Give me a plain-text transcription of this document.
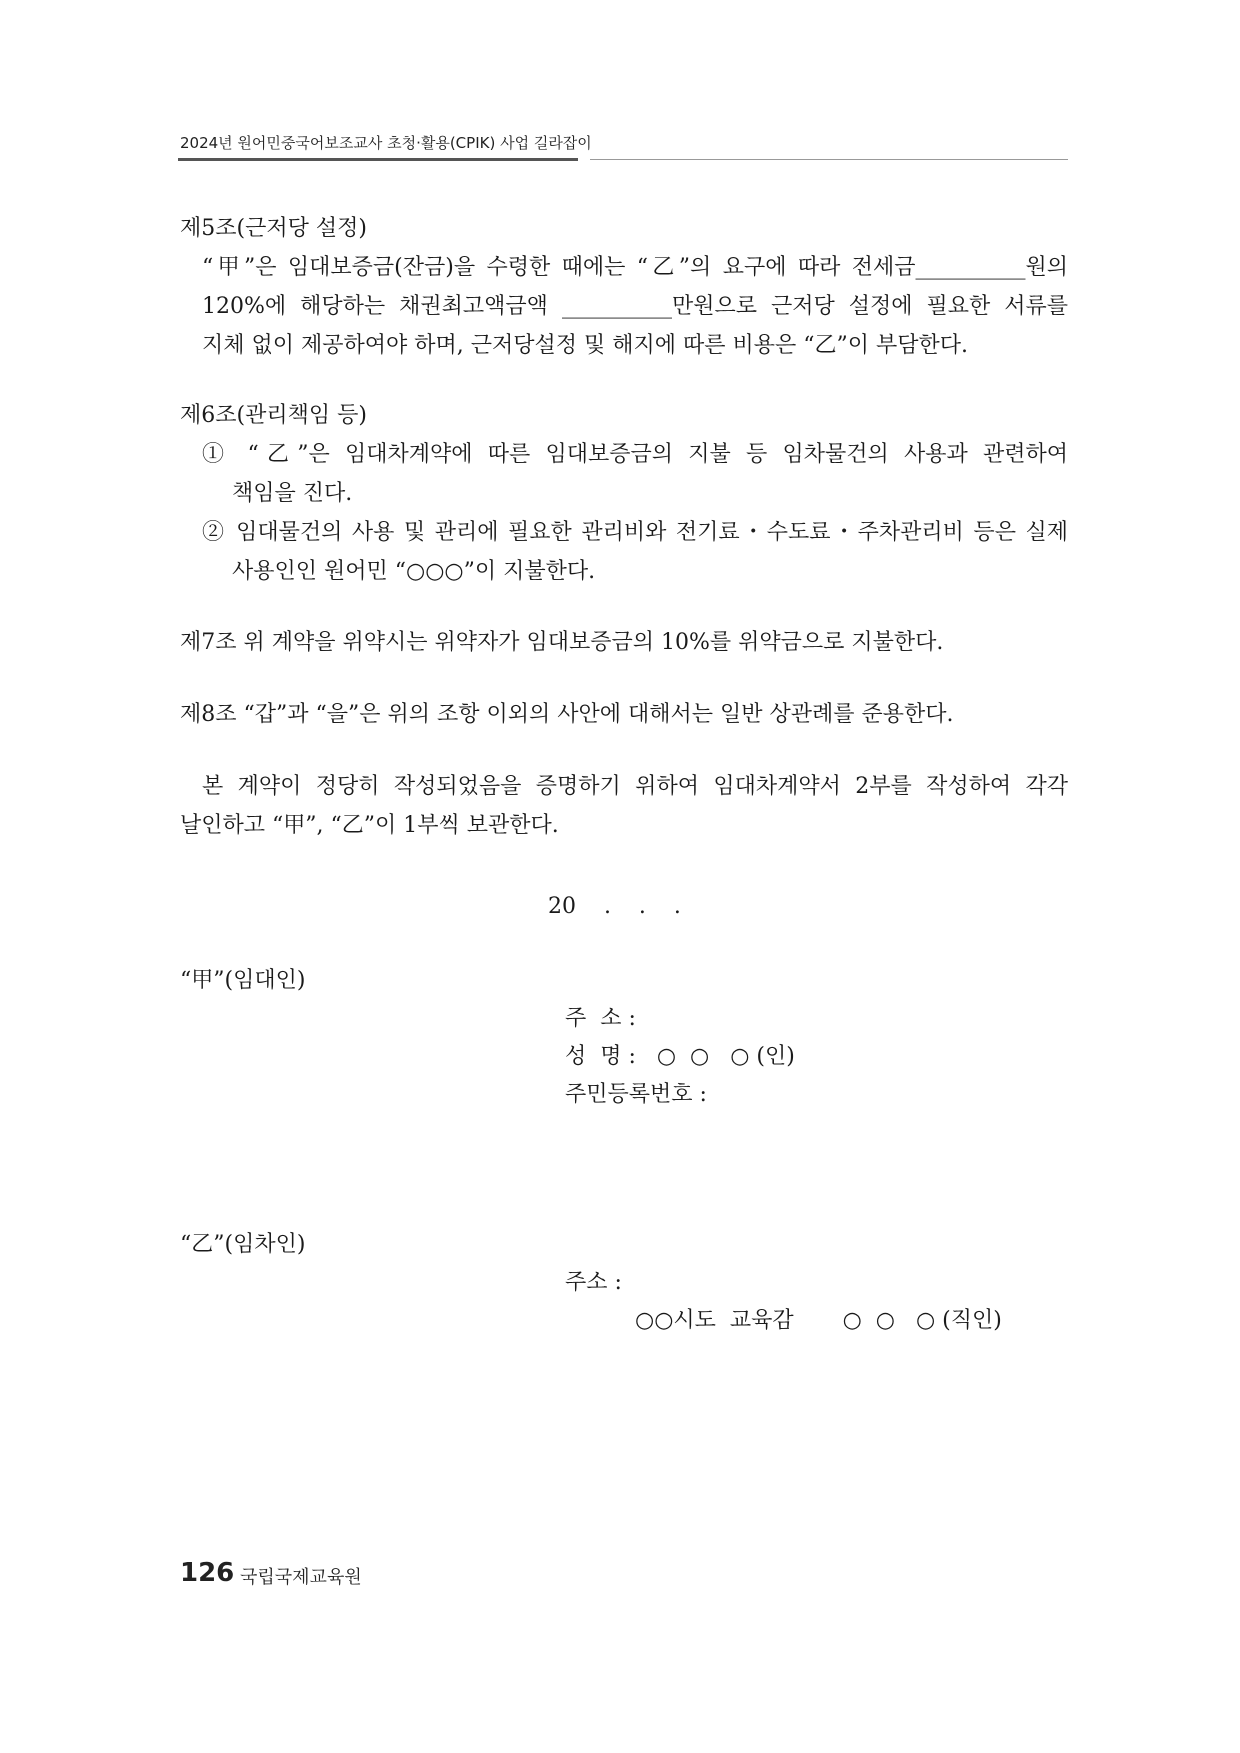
2024년 원어민중국어보조교사 초청·활용(CPIK) 사업 길라잡이
제5조(근저당 설정)
“甲”은 임대보증금(잔금)을 수령한 때에는 “乙”의 요구에 따라 전세금__________원의
120%에 해당하는 채권최고액금액 __________만원으로 근저당 설정에 필요한 서류를
지체 없이 제공하여야 하며, 근저당설정 및 해지에 따른 비용은 “乙”이 부담한다.
제6조(관리책임 등)
① “乙”은 임대차계약에 따른 임대보증금의 지불 등 임차물건의 사용과 관련하여
책임을 진다.
② 임대물건의 사용 및 관리에 필요한 관리비와 전기료・수도료・주차관리비 등은 실제
사용인인 원어민 “○○○”이 지불한다.
제7조 위 계약을 위약시는 위약자가 임대보증금의 10%를 위약금으로 지불한다.
제8조 “갑”과 “을”은 위의 조항 이외의 사안에 대해서는 일반 상관례를 준용한다.
본 계약이 정당히 작성되었음을 증명하기 위하여 임대차계약서 2부를 작성하여 각각
날인하고 “甲”, “乙”이 1부씩 보관한다.
20    .    .    .
“甲”(임대인)
주  소 :
성  명 :   ○  ○   ○ (인)
주민등록번호 :
“乙”(임차인)
주소 :
○○시도  교육감       ○  ○   ○ (직인)
126 국립국제교육원
